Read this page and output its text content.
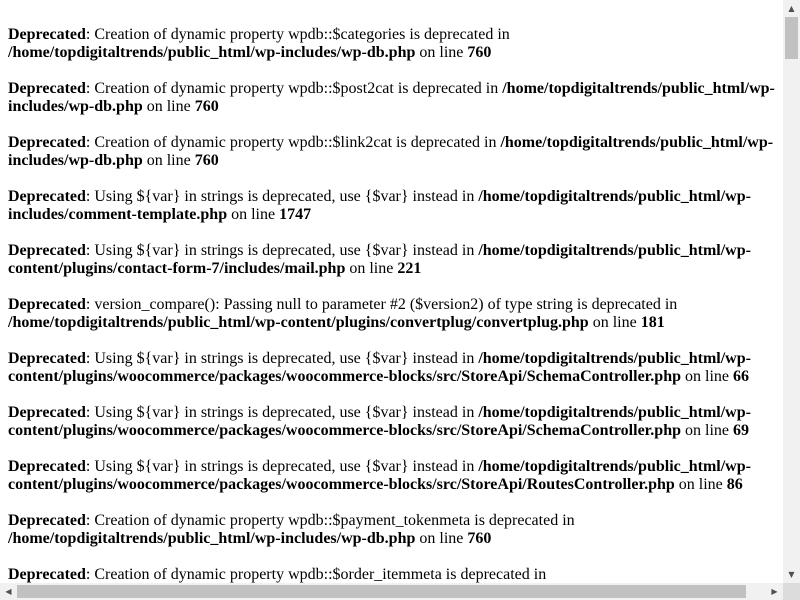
Deprecated: Creation of dynamic property wpdb::$categories is deprecated in /home/topdigitaltrends/public_html/wp-includes/wp-db.php on line 760
Deprecated: Creation of dynamic property wpdb::$post2cat is deprecated in /home/topdigitaltrends/public_html/wp-includes/wp-db.php on line 760
Deprecated: Creation of dynamic property wpdb::$link2cat is deprecated in /home/topdigitaltrends/public_html/wp-includes/wp-db.php on line 760
Deprecated: Using ${var} in strings is deprecated, use {$var} instead in /home/topdigitaltrends/public_html/wp-includes/comment-template.php on line 1747
Deprecated: Using ${var} in strings is deprecated, use {$var} instead in /home/topdigitaltrends/public_html/wp-content/plugins/contact-form-7/includes/mail.php on line 221
Deprecated: version_compare(): Passing null to parameter #2 ($version2) of type string is deprecated in /home/topdigitaltrends/public_html/wp-content/plugins/convertplug/convertplug.php on line 181
Deprecated: Using ${var} in strings is deprecated, use {$var} instead in /home/topdigitaltrends/public_html/wp-content/plugins/woocommerce/packages/woocommerce-blocks/src/StoreApi/SchemaController.php on line 66
Deprecated: Using ${var} in strings is deprecated, use {$var} instead in /home/topdigitaltrends/public_html/wp-content/plugins/woocommerce/packages/woocommerce-blocks/src/StoreApi/SchemaController.php on line 69
Deprecated: Using ${var} in strings is deprecated, use {$var} instead in /home/topdigitaltrends/public_html/wp-content/plugins/woocommerce/packages/woocommerce-blocks/src/StoreApi/RoutesController.php on line 86
Deprecated: Creation of dynamic property wpdb::$payment_tokenmeta is deprecated in /home/topdigitaltrends/public_html/wp-includes/wp-db.php on line 760
Deprecated: Creation of dynamic property wpdb::$order_itemmeta is deprecated in
▲
▼
◀	▶
